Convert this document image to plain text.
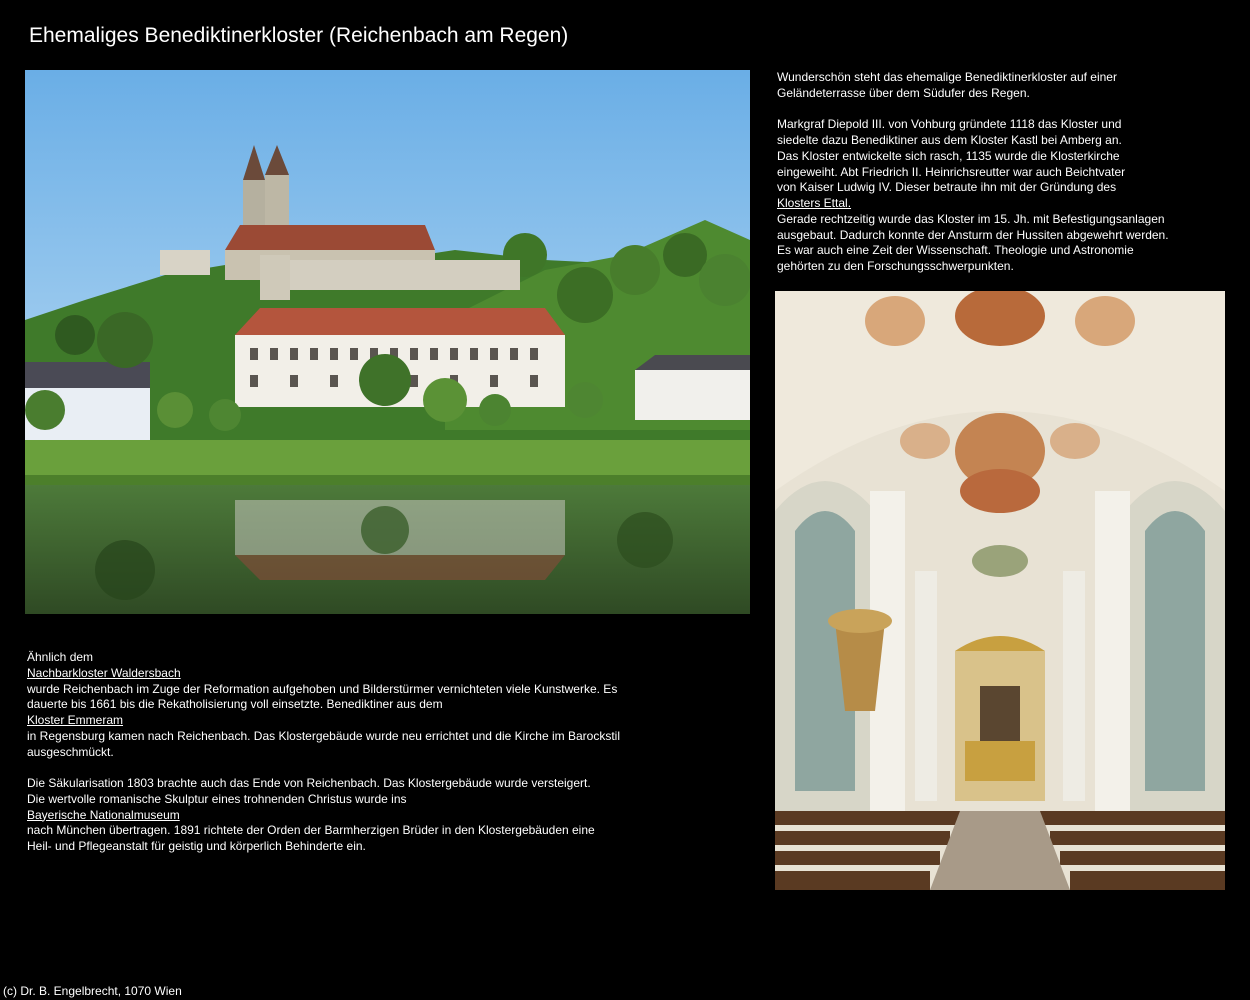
Ehemaliges Benediktinerkloster (Reichenbach am Regen)
Wunderschön steht das ehemalige Benediktinerkloster auf einer
Geländeterrasse über dem Südufer des Regen.
Markgraf Diepold III. von Vohburg gründete 1118 das Kloster und
siedelte dazu Benediktiner aus dem Kloster Kastl bei Amberg an.
Das Kloster entwickelte sich rasch, 1135 wurde die Klosterkirche
eingeweiht. Abt Friedrich II. Heinrichsreutter war auch Beichtvater
von Kaiser Ludwig IV. Dieser betraute ihn mit der Gründung des
Klosters Ettal.
Gerade rechtzeitig wurde das Kloster im 15. Jh. mit Befestigungsanlagen
ausgebaut. Dadurch konnte der Ansturm der Hussiten abgewehrt werden.
Es war auch eine Zeit der Wissenschaft. Theologie und Astronomie
gehörten zu den Forschungsschwerpunkten.
Ähnlich dem
Nachbarkloster Waldersbach
wurde Reichenbach im Zuge der Reformation aufgehoben und Bilderstürmer vernichteten viele Kunstwerke. Es
dauerte bis 1661 bis die Rekatholisierung voll einsetzte. Benediktiner aus dem
Kloster Emmeram
in Regensburg kamen nach Reichenbach. Das Klostergebäude wurde neu errichtet und die Kirche im Barockstil
ausgeschmückt.
Die Säkularisation 1803 brachte auch das Ende von Reichenbach. Das Klostergebäude wurde versteigert.
Die wertvolle romanische Skulptur eines trohnenden Christus wurde ins
Bayerische Nationalmuseum
nach München übertragen. 1891 richtete der Orden der Barmherzigen Brüder in den Klostergebäuden eine
Heil- und Pflegeanstalt für geistig und körperlich Behinderte ein.
(c) Dr. B. Engelbrecht, 1070 Wien
